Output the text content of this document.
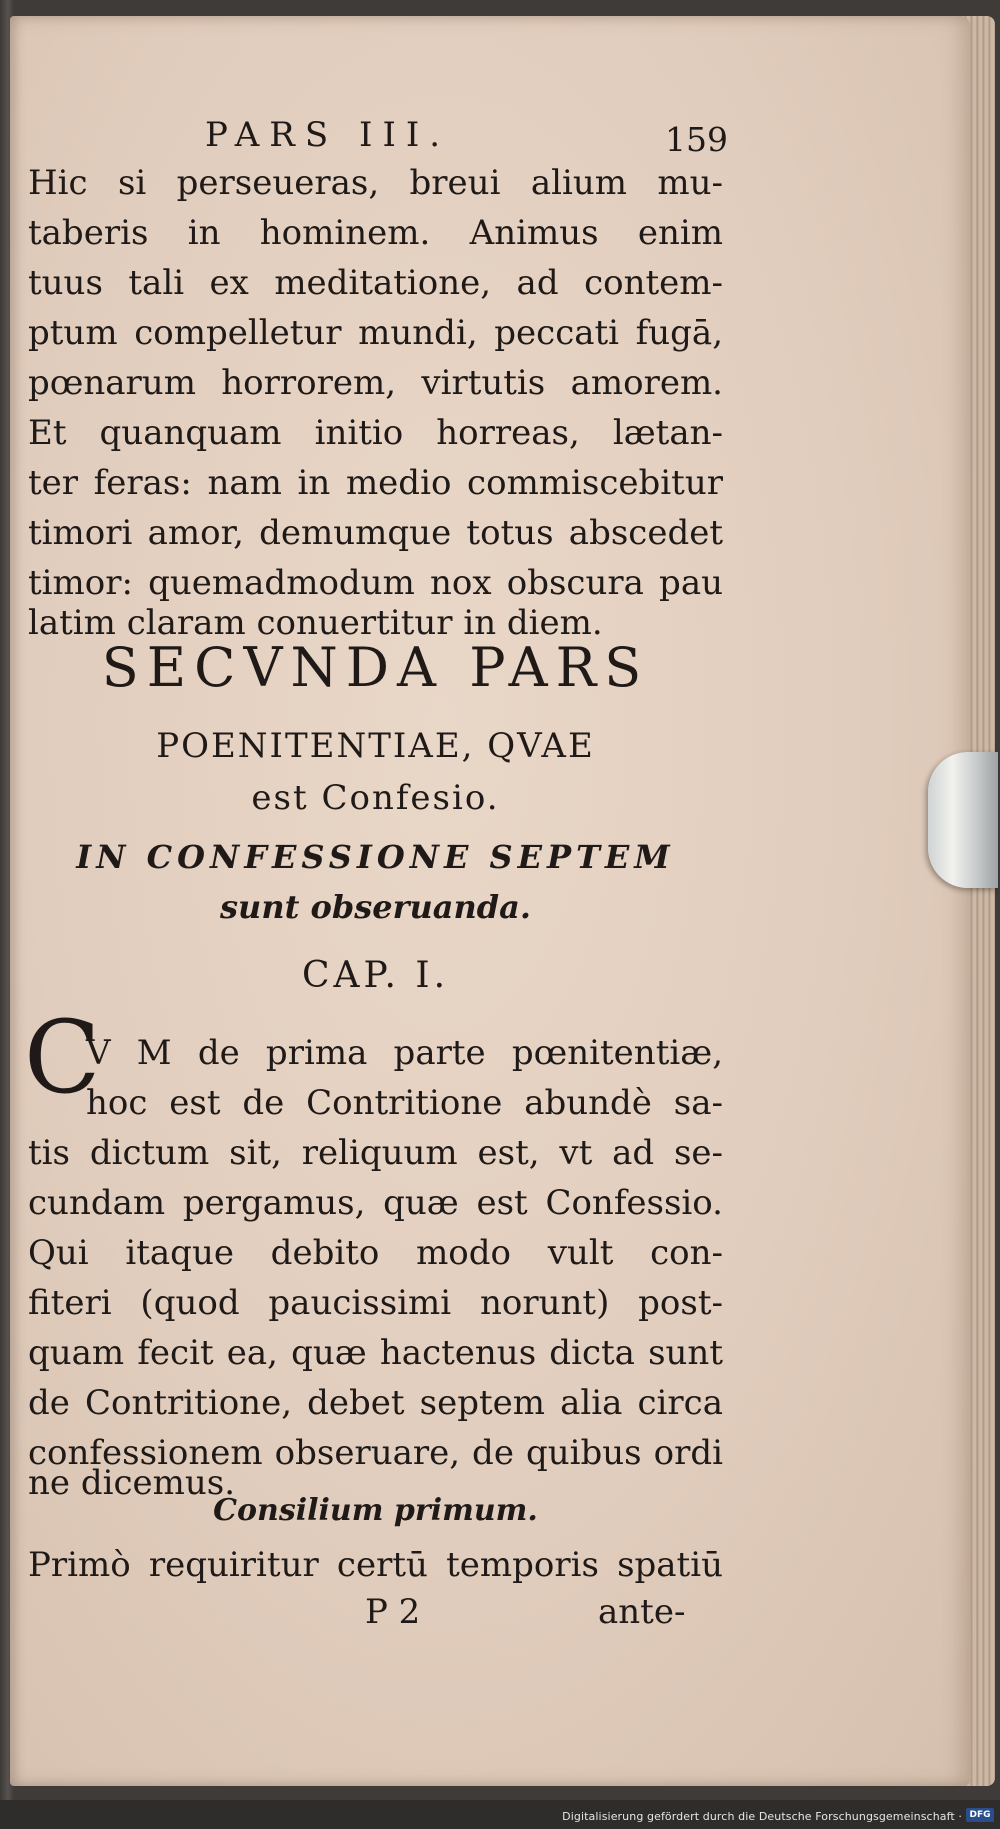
PARS III.	159
Hic si perseueras, breui alium mu-
taberis in hominem. Animus enim
tuus tali ex meditatione, ad contem-
ptum compelletur mundi, peccati fugā,
pœnarum horrorem, virtutis amorem.
Et quanquam initio horreas, lætan-
ter feras: nam in medio commiscebitur
timori amor, demumque totus abscedet
timor: quemadmodum nox obscura pau
latim claram conuertitur in diem.
SECVNDA PARS
POENITENTIAE, QVAE
est Confesio.
IN CONFESSIONE SEPTEM
sunt obseruanda.
CAP. I.
C
V M de prima parte pœnitentiæ,
hoc est de Contritione abundè sa-
tis dictum sit, reliquum est, vt ad se-
cundam pergamus, quæ est Confessio.
Qui itaque debito modo vult con-
fiteri (quod paucissimi norunt) post-
quam fecit ea, quæ hactenus dicta sunt
de Contritione, debet septem alia circa
confessionem obseruare, de quibus ordi
Consilium primum.
Primò requiritur certū temporis spatiū
P 2	ante-
Digitalisierung gefördert durch die Deutsche Forschungsgemeinschaft · DFG
ne dicemus.
